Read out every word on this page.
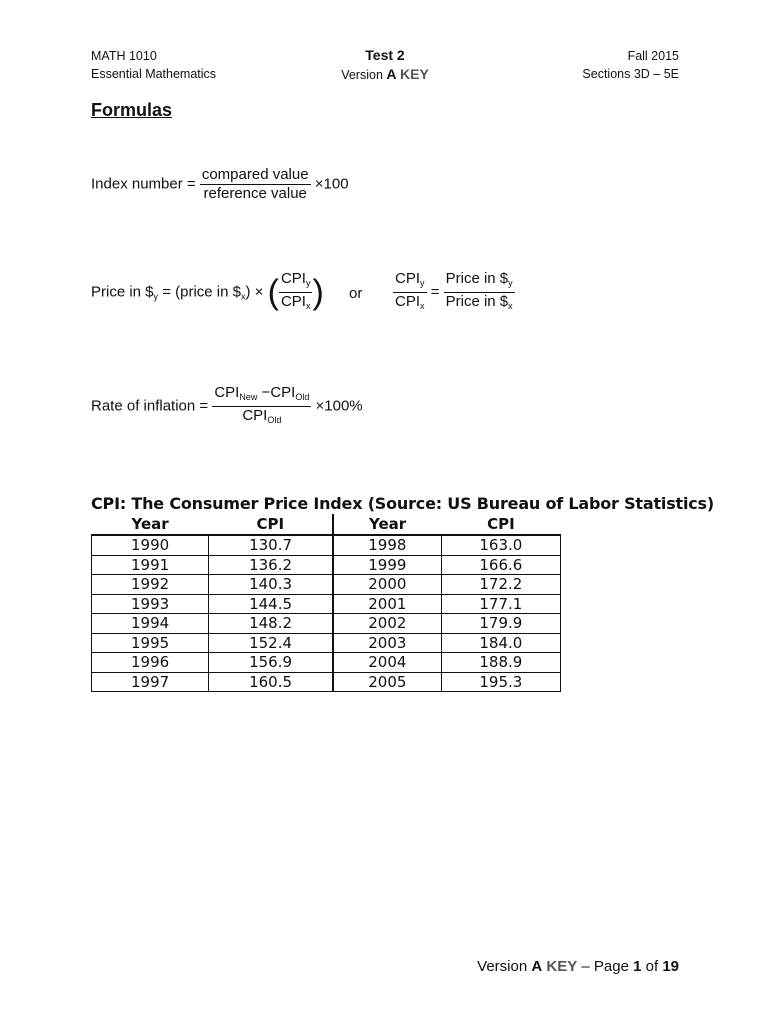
MATH 1010
Essential Mathematics
Test 2
Version A KEY
Fall 2015
Sections 3D – 5E
Formulas
Index number = $\frac{\text{compared value}}{\text{reference value}} \times 100$
Price in $\$_y$ = (price in $\$_x$) × ( $\frac{CPI_y}{CPI_x}$ ) or $\frac{CPI_y}{CPI_x} = \frac{Price in \$_y}{Price in \$_x}$
Rate of inflation = $\frac{CPI_{New} -CPI_{Old}}{CPI_{Old}} \times 100\%$
CPI: The Consumer Price Index (Source: US Bureau of Labor Statistics)
Year	CPI	Year	CPI
1990	130.7	1998	163.0
1991	136.2	1999	166.6
1992	140.3	2000	172.2
1993	144.5	2001	177.1
1994	148.2	2002	179.9
1995	152.4	2003	184.0
1996	156.9	2004	188.9
1997	160.5	2005	195.3
Version A KEY – Page 1 of 19
